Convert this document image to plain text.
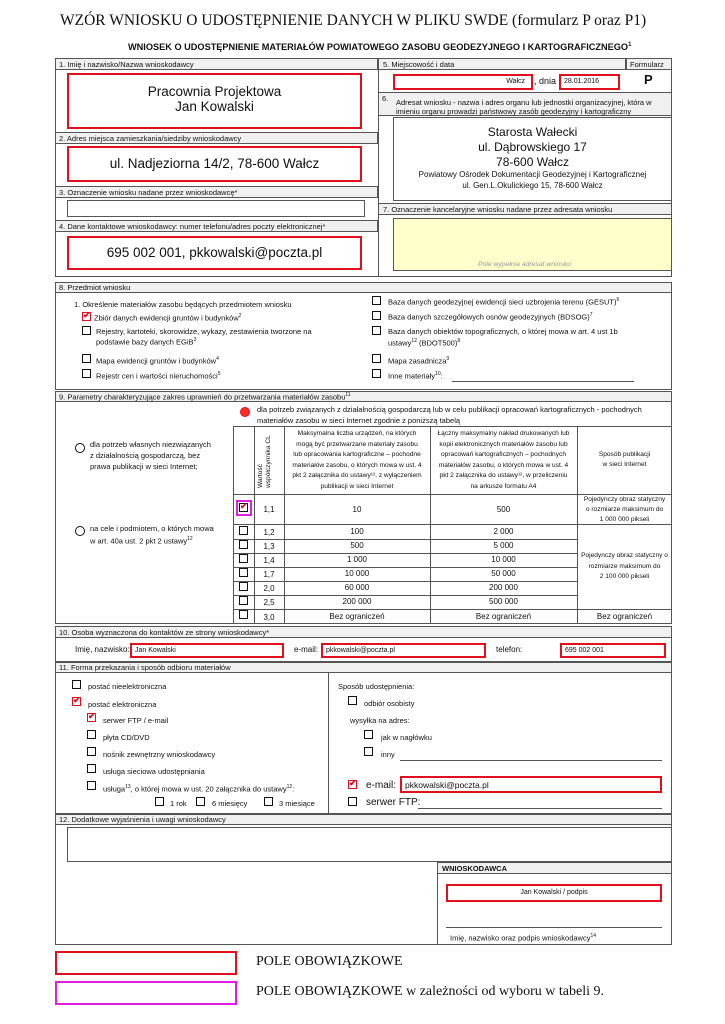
WZÓR WNIOSKU O UDOSTĘPNIENIE DANYCH W PLIKU SWDE (formularz P oraz P1)
WNIOSEK O UDOSTĘPNIENIE MATERIAŁÓW POWIATOWEGO ZASOBU GEODEZYJNEGO I KARTOGRAFICZNEGO$^1$
1. Imię i nazwisko/Nazwa wnioskodawcy
Pracownia Projektowa
Jan Kowalski
2. Adres miejsca zamieszkania/siedziby wnioskodawcy
ul. Nadjeziorna 14/2, 78-600 Wałcz
3. Oznaczenie wniosku nadane przez wnioskodawcę*
4. Dane kontaktowe wnioskodawcy: numer telefonu/adres poczty elektronicznej*
695 002 001, pkkowalski@poczta.pl
5. Miejscowość i data	Formularz
P
Wałcz , dnia 28.01.2016
6. Adresat wniosku - nazwa i adres organu lub jednostki organizacyjnej, która w
imieniu organu prowadzi państwowy zasób geodezyjny i kartograficzny
Starosta Wałecki
ul. Dąbrowskiego 17
78-600 Wałcz
Powiatowy Ośrodek Dokumentacji Geodezyjnej i Kartograficznej
ul. Gen.L.Okulickiego 15, 78-600 Wałcz
7. Oznaczenie kancelaryjne wniosku nadane przez adresata wniosku
Pole wypełnia adresat wniosku
8. Przedmiot wniosku
1. Określenie materiałów zasobu będących przedmiotem wniosku
✔
Zbiór danych ewidencji gruntów i budynków$^2$
Rejestry, kartoteki, skorowidze, wykazy, zestawienia tworzone na
podstawie bazy danych EGiB$^3$
Mapa ewidencji gruntów i budynków$^4$
Rejestr cen i wartości nieruchomości$^5$
Baza danych geodezyjnej ewidencji sieci uzbrojenia terenu (GESUT)$^6$
Baza danych szczegółowych osnów geodezyjnych (BDSOG)$^7$
Baza danych obiektów topograficznych, o której mowa w art. 4 ust 1b
ustawy$^{12}$ (BDOT500)$^8$
Mapa zasadnicza$^9$
Inne materiały$^{10}$:
9. Parametry charakteryzujące zakres uprawnień do przetwarzania materiałów zasobu$^{11}$
dla potrzeb własnych niezwiązanych
z działalnością gospodarczą, bez
prawa publikacji w sieci Internet;
na cele i podmiotem, o których mowa
w art. 40a ust. 2 pkt 2 ustawy$^{12}$
dla potrzeb związanych z działalnością gospodarczą lub w celu publikacji opracowań kartograficznych - pochodnych
materiałów zasobu w sieci Internet zgodnie z poniższą tabelą
Wartość współczynnika CL
Maksymalna liczba urządzeń, na których
mogą być przetwarzane materiały zasobu
lub opracowania kartograficzne – pochodne
materiałów zasobu, o których mowa w ust. 4
pkt 2 załącznika do ustawy¹², z wyłączeniem
publikacji w sieci Internet
Łączny maksymalny nakład drukowanych lub
kopii elektronicznych materiałów zasobu lub
opracowań kartograficznych – pochodnych
materiałów zasobu, o których mowa w ust. 4
pkt 2 załącznika do ustawy¹², w przeliczeniu
na arkusze formatu A4
Sposób publikacji
w sieci Internet
✔
1,1	10	500
Pojedynczy obraz statyczny
o rozmiarze maksimum do
1 000 000 pikseli
1,2	100	2 000
1,3	500	5 000
1,4	1 000	10 000
1,7	10 000	50 000
2,0	60 000	200 000
2,5	200 000	500 000
3,0	Bez ograniczeń	Bez ograniczeń	Bez ograniczeń
Pojedynczy obraz statyczny o
rozmiarze maksimum do
2 100 000 pikseli
10. Osoba wyznaczona do kontaktów ze strony wnioskodawcy*
Imię, nazwisko: Jan Kowalski	e-mail: pkkowalski@poczta.pl	telefon:	695 002 001
11. Forma przekazania i sposób odbioru materiałów
postać nieelektroniczna
✔
postać elektroniczna
✔
serwer FTP / e-mail
płyta CD/DVD
nośnik zewnętrzny wnioskodawcy
usługa sieciowa udostępniania
usługa$^{13}$, o której mowa w ust. 20 załącznika do ustawy$^{12}$:
1 rok	6 miesięcy	3 miesiące
Sposób udostępnienia:
odbiór osobisty
wysyłka na adres:
jak w nagłówku
inny
✔
e-mail: pkkowalski@poczta.pl
serwer FTP:
12. Dodatkowe wyjaśnienia i uwagi wnioskodawcy
WNIOSKODAWCA
Jan Kowalski / podpis
Imię, nazwisko oraz podpis wnioskodawcy$^{14}$
POLE OBOWIĄZKOWE
POLE OBOWIĄZKOWE w zależności od wyboru w tabeli 9.
